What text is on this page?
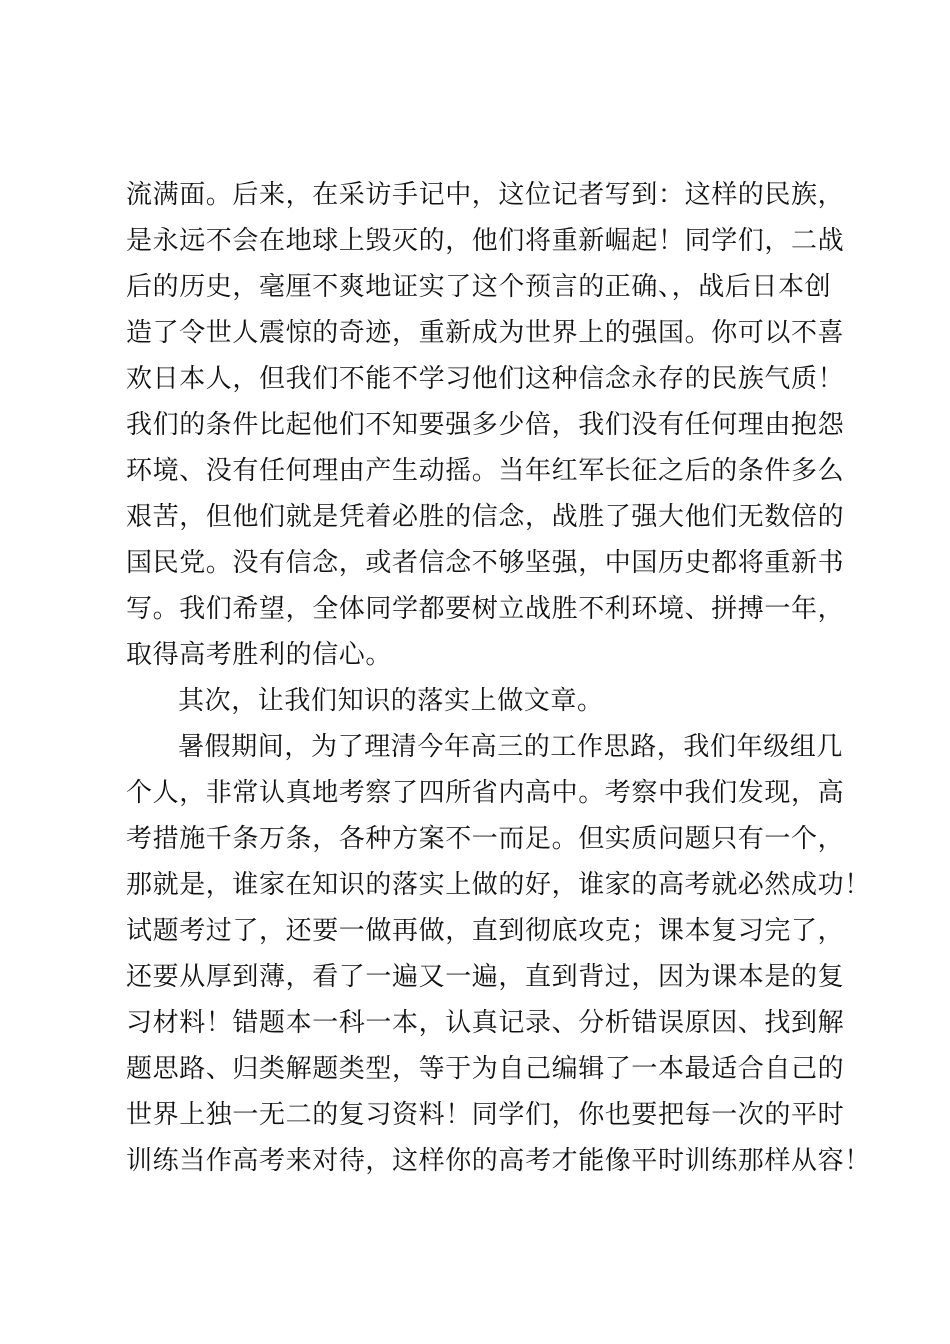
流满面。后来，在采访手记中，这位记者写到：这样的民族，
是永远不会在地球上毁灭的，他们将重新崛起！同学们，二战
后的历史，毫厘不爽地证实了这个预言的正确、，战后日本创
造了令世人震惊的奇迹，重新成为世界上的强国。你可以不喜
欢日本人，但我们不能不学习他们这种信念永存的民族气质！
我们的条件比起他们不知要强多少倍，我们没有任何理由抱怨
环境、没有任何理由产生动摇。当年红军长征之后的条件多么
艰苦，但他们就是凭着必胜的信念，战胜了强大他们无数倍的
国民党。没有信念，或者信念不够坚强，中国历史都将重新书
写。我们希望，全体同学都要树立战胜不利环境、拼搏一年，
取得高考胜利的信心。
其次，让我们知识的落实上做文章。
暑假期间，为了理清今年高三的工作思路，我们年级组几
个人，非常认真地考察了四所省内高中。考察中我们发现，高
考措施千条万条，各种方案不一而足。但实质问题只有一个，
那就是，谁家在知识的落实上做的好，谁家的高考就必然成功！
试题考过了，还要一做再做，直到彻底攻克；课本复习完了，
还要从厚到薄，看了一遍又一遍，直到背过，因为课本是的复
习材料！错题本一科一本，认真记录、分析错误原因、找到解
题思路、归类解题类型，等于为自己编辑了一本最适合自己的
世界上独一无二的复习资料！同学们，你也要把每一次的平时
训练当作高考来对待，这样你的高考才能像平时训练那样从容！
